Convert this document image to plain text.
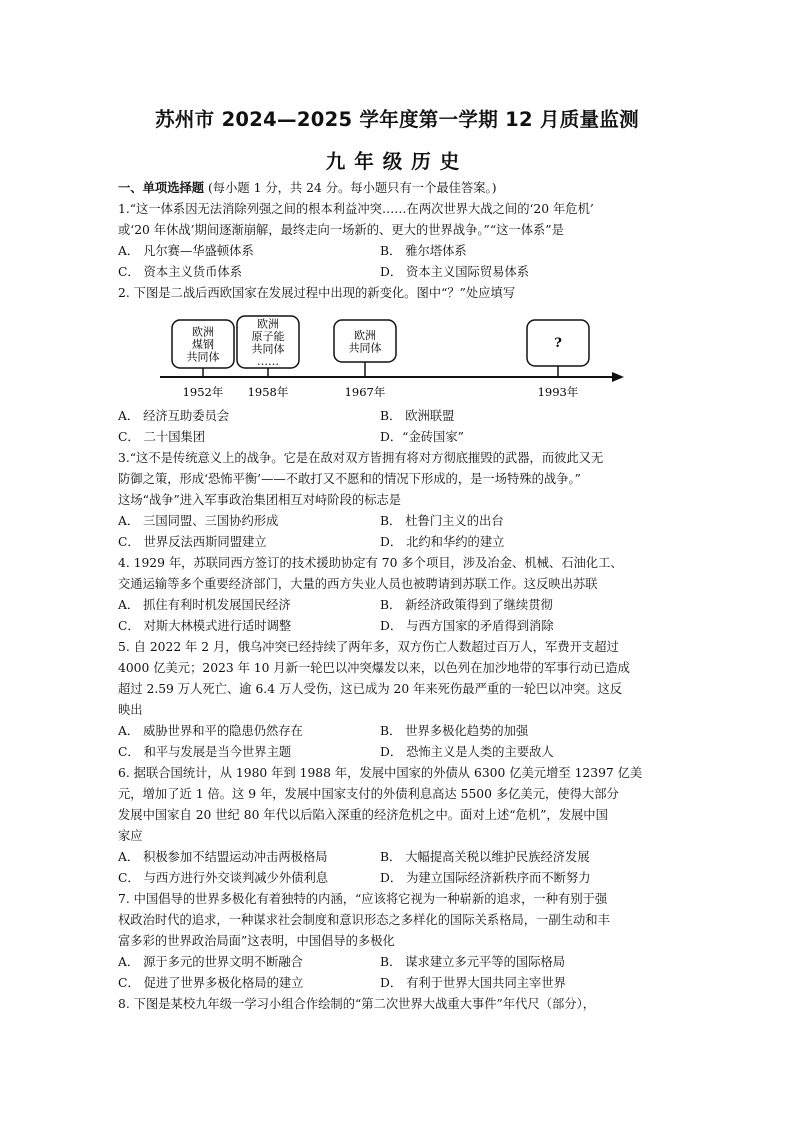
苏州市 2024—2025 学年度第一学期 12 月质量监测
九年级历史
一、单项选择题 (每小题 1 分，共 24 分。每小题只有一个最佳答案。)
1.“这一体系因无法消除列强之间的根本利益冲突……在两次世界大战之间的‘20 年危机’
或‘20 年休战’期间逐渐崩解，最终走向一场新的、更大的世界战争。”“这一体系”是
A． 凡尔赛—华盛顿体系	B． 雅尔塔体系
C． 资本主义货币体系	D． 资本主义国际贸易体系
2. 下图是二战后西欧国家在发展过程中出现的新变化。图中“？”处应填写
欧洲
煤钢
共同体
1952年
欧洲
原子能
共同体
……
1958年
欧洲
共同体
1967年
?
1993年
A． 经济互助委员会	B． 欧洲联盟
C． 二十国集团	D．“金砖国家”
3.“这不是传统意义上的战争。它是在敌对双方皆拥有将对方彻底摧毁的武器，而彼此又无
防御之策，形成‘恐怖平衡’——不敢打又不愿和的情况下形成的，是一场特殊的战争。”
这场“战争”进入军事政治集团相互对峙阶段的标志是
A． 三国同盟、三国协约形成	B． 杜鲁门主义的出台
C． 世界反法西斯同盟建立	D． 北约和华约的建立
4. 1929 年，苏联同西方签订的技术援助协定有 70 多个项目，涉及冶金、机械、石油化工、
交通运输等多个重要经济部门，大量的西方失业人员也被聘请到苏联工作。这反映出苏联
A． 抓住有利时机发展国民经济	B． 新经济政策得到了继续贯彻
C． 对斯大林模式进行适时调整	D． 与西方国家的矛盾得到消除
5. 自 2022 年 2 月，俄乌冲突已经持续了两年多，双方伤亡人数超过百万人，军费开支超过
4000 亿美元；2023 年 10 月新一轮巴以冲突爆发以来，以色列在加沙地带的军事行动已造成
超过 2.59 万人死亡、逾 6.4 万人受伤，这已成为 20 年来死伤最严重的一轮巴以冲突。这反
映出
A． 威胁世界和平的隐患仍然存在	B． 世界多极化趋势的加强
C． 和平与发展是当今世界主题	D． 恐怖主义是人类的主要敌人
6. 据联合国统计，从 1980 年到 1988 年，发展中国家的外债从 6300 亿美元增至 12397 亿美
元，增加了近 1 倍。这 9 年，发展中国家支付的外债利息高达 5500 多亿美元，使得大部分
发展中国家自 20 世纪 80 年代以后陷入深重的经济危机之中。面对上述“危机”，发展中国
家应
A． 积极参加不结盟运动冲击两极格局	B． 大幅提高关税以维护民族经济发展
C． 与西方进行外交谈判减少外债利息	D． 为建立国际经济新秩序而不断努力
7. 中国倡导的世界多极化有着独特的内涵，“应该将它视为一种崭新的追求，一种有别于强
权政治时代的追求，一种谋求社会制度和意识形态之多样化的国际关系格局，一副生动和丰
富多彩的世界政治局面”这表明，中国倡导的多极化
A． 源于多元的世界文明不断融合	B． 谋求建立多元平等的国际格局
C． 促进了世界多极化格局的建立	D． 有利于世界大国共同主宰世界
8. 下图是某校九年级一学习小组合作绘制的“第二次世界大战重大事件”年代尺（部分），
